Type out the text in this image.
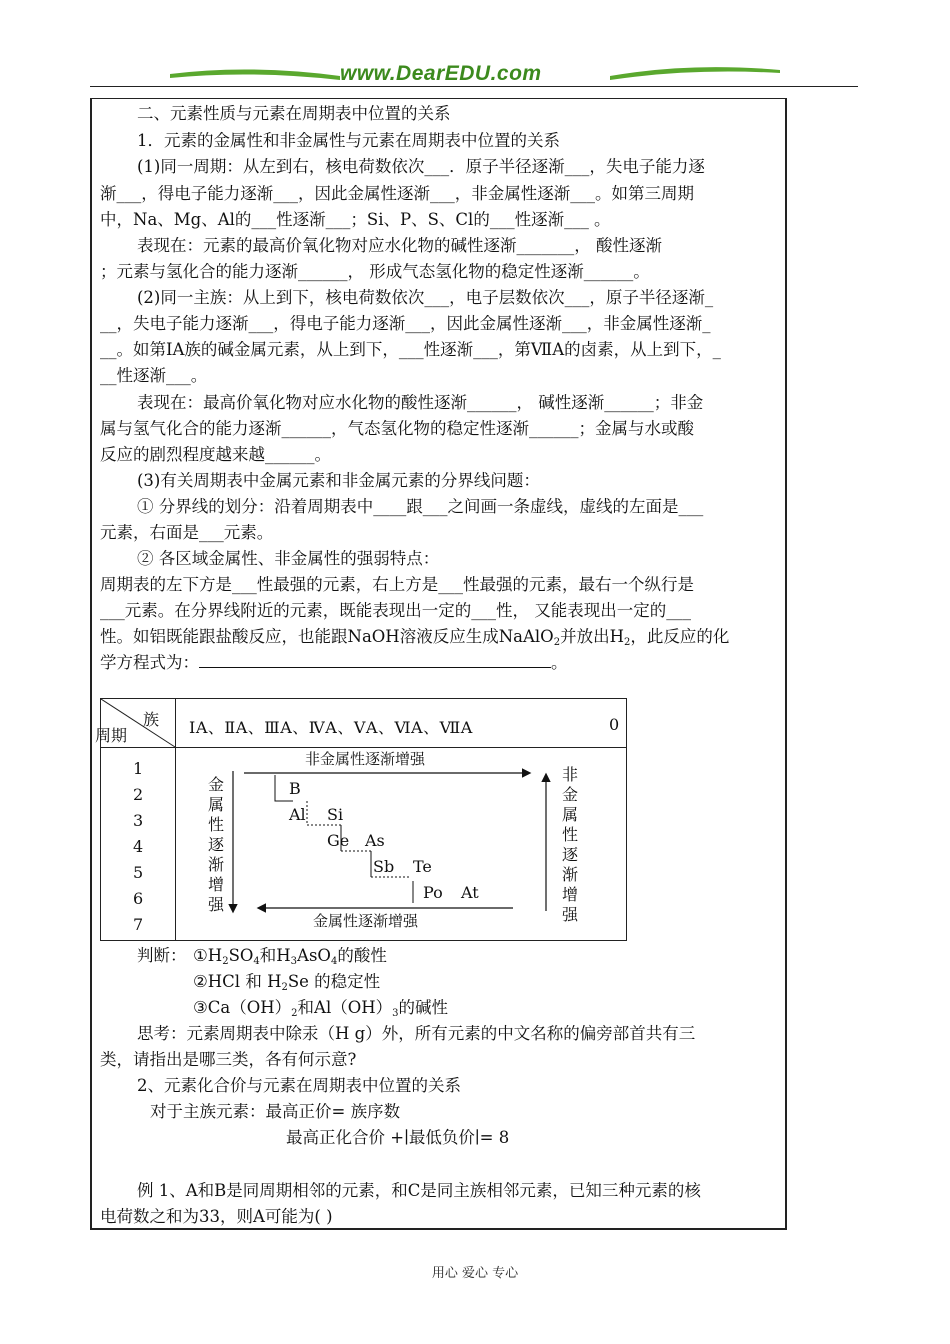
www.DearEDU.com
二、元素性质与元素在周期表中位置的关系
1．元素的金属性和非金属性与元素在周期表中位置的关系
(1)同一周期：从左到右，核电荷数依次___．原子半径逐渐___，失电子能力逐
渐___，得电子能力逐渐___，因此金属性逐渐___，非金属性逐渐___。如第三周期
中，Na、Mg、Al的___性逐渐___；Si、P、S、Cl的___性逐渐___ 。
表现在：元素的最高价氧化物对应水化物的碱性逐渐_______， 酸性逐渐
；元素与氢化合的能力逐渐______， 形成气态氢化物的稳定性逐渐______。
(2)同一主族：从上到下，核电荷数依次___，电子层数依次___，原子半径逐渐_
__，失电子能力逐渐___，得电子能力逐渐___，因此金属性逐渐___，非金属性逐渐_
__。如第IA族的碱金属元素，从上到下，___性逐渐___，第ⅦA的卤素，从上到下，_
__性逐渐___。
表现在：最高价氧化物对应水化物的酸性逐渐______， 碱性逐渐______；非金
属与氢气化合的能力逐渐______，气态氢化物的稳定性逐渐______；金属与水或酸
反应的剧烈程度越来越______。
(3)有关周期表中金属元素和非金属元素的分界线问题：
① 分界线的划分：沿着周期表中____跟___之间画一条虚线，虚线的左面是___
元素，右面是___元素。
② 各区域金属性、非金属性的强弱特点：
周期表的左下方是___性最强的元素，右上方是___性最强的元素，最右一个纵行是
___元素。在分界线附近的元素，既能表现出一定的___性， 又能表现出一定的___
性。如铝既能跟盐酸反应，也能跟NaOH溶液反应生成NaAlO$_2$并放出$H_2$，此反应的化
学方程式为：	。
族
周期	ⅠA、ⅡA、ⅢA、ⅣA、ⅤA、ⅥA、ⅦA	0
1
2
3
4
5
6
7
非金属性逐渐增强
金属性逐渐增强
金
属
性
逐
渐
增
强
非
金
属
性
逐
渐
增
强
B
Al Si
Ge As
Sb Te
Po At
判断： $①H_2SO_4$和$H_3AsO_4$的酸性
②HCl 和 $H_2Se$ 的稳定性
$③Ca(OH)_2$和$Al(OH)_3$的碱性
思考：元素周期表中除汞（H g）外，所有元素的中文名称的偏旁部首共有三
类，请指出是哪三类，各有何示意?
2、元素化合价与元素在周期表中位置的关系
对于主族元素：最高正价= 族序数
最高正化合价 +∣最低负价∣= 8
例 1、A和B是同周期相邻的元素，和C是同主族相邻元素，已知三种元素的核
电荷数之和为33，则A可能为( )
用心 爱心 专心
